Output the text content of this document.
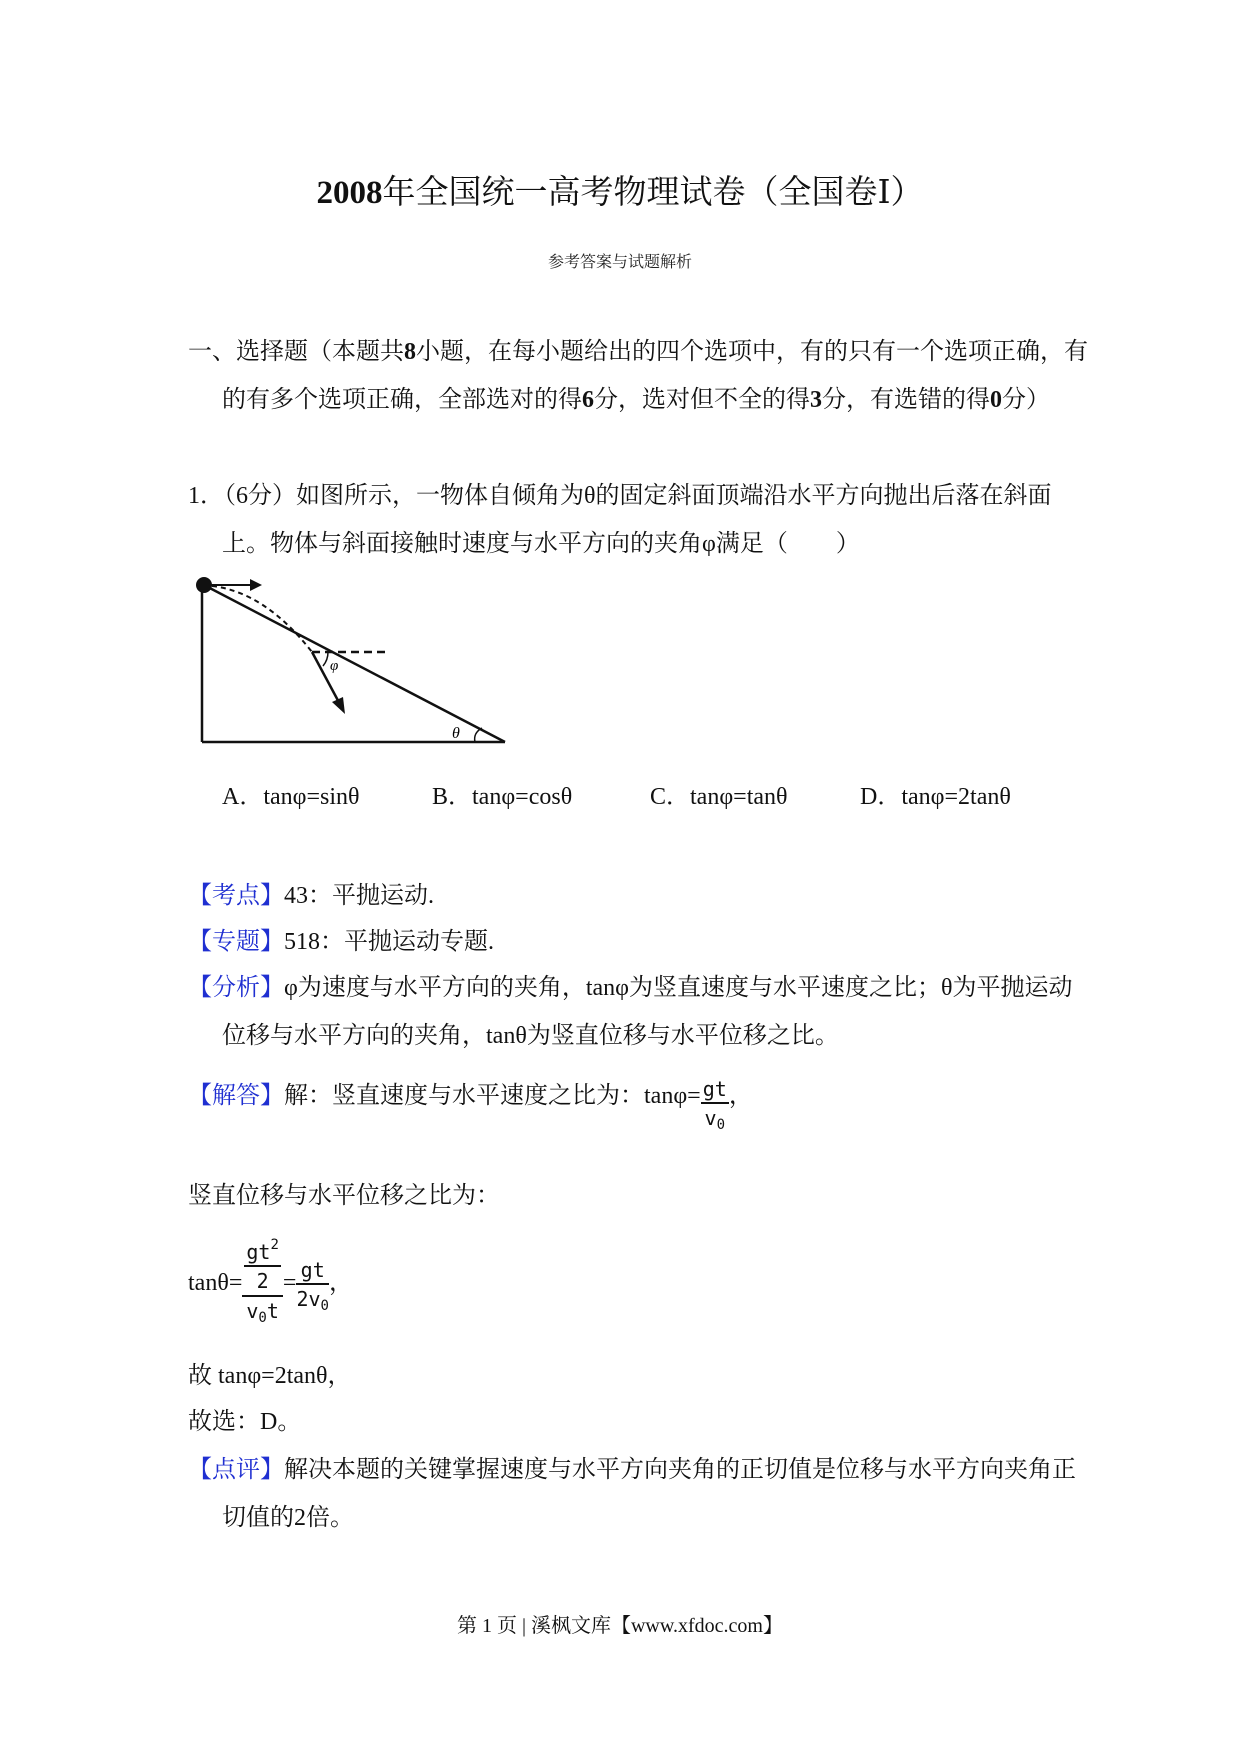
2008年全国统一高考物理试卷（全国卷Ⅰ）
参考答案与试题解析
一、选择题（本题共8小题，在每小题给出的四个选项中，有的只有一个选项正确，有的有多个选项正确，全部选对的得6分，选对但不全的得3分，有选错的得0分）
1．（6分）如图所示，一物体自倾角为θ的固定斜面顶端沿水平方向抛出后落在斜面上。物体与斜面接触时速度与水平方向的夹角φ满足（　　）
φ
θ
A．tanφ=sinθ	B．tanφ=cosθ	C．tanφ=tanθ	D．tanφ=2tanθ
【考点】43：平抛运动.
【专题】518：平抛运动专题.
【分析】φ为速度与水平方向的夹角，tanφ为竖直速度与水平速度之比；θ为平抛运动位移与水平方向的夹角，tanθ为竖直位移与水平位移之比。
【解答】解：竖直速度与水平速度之比为：$\tan\varphi= \frac{gt}{v_0}$ ，
竖直位移与水平位移之比为：
$\tan\theta= \frac{\frac{gt^2}{2}}{v_0t} = \frac{gt}{2v_0}$ ，
故 tanφ=2tanθ，
故选：D。
【点评】解决本题的关键掌握速度与水平方向夹角的正切值是位移与水平方向夹角正切值的2倍。
第 1 页 | 溪枫文库【www.xfdoc.com】
